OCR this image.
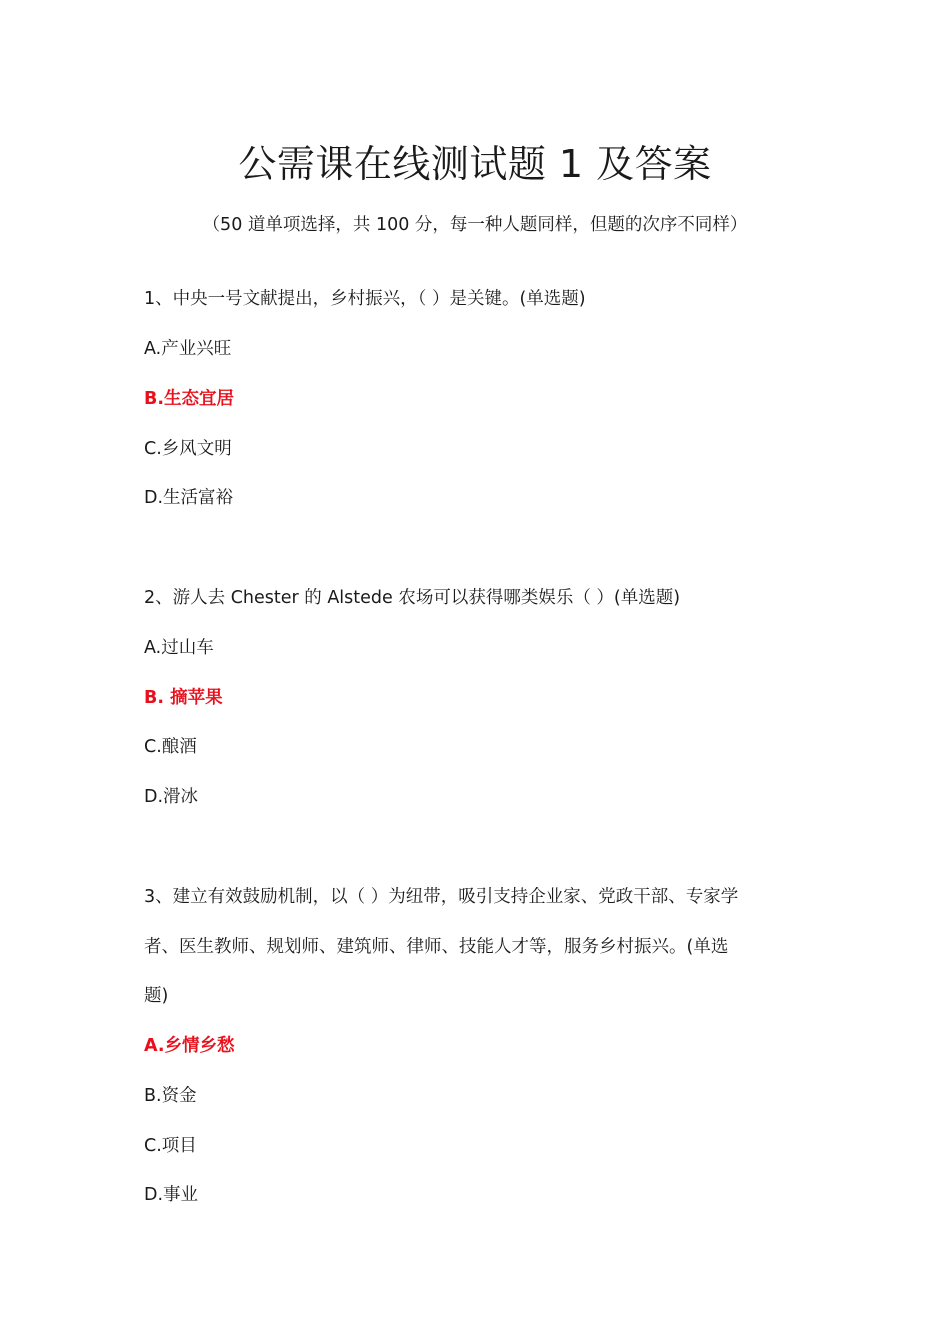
公需课在线测试题 1 及答案

（50 道单项选择，共 100 分，每一种人题同样，但题的次序不同样）

1、中央一号文献提出，乡村振兴，（ ）是关键。(单选题)

A.产业兴旺

B.生态宜居

C.乡风文明

D.生活富裕

2、游人去 Chester 的 Alstede 农场可以获得哪类娱乐（ ）(单选题)

A.过山车

B. 摘苹果

C.酿酒

D.滑冰

3、建立有效鼓励机制，以（ ）为纽带，吸引支持企业家、党政干部、专家学

者、医生教师、规划师、建筑师、律师、技能人才等，服务乡村振兴。(单选

题)

A.乡情乡愁

B.资金

C.项目

D.事业
